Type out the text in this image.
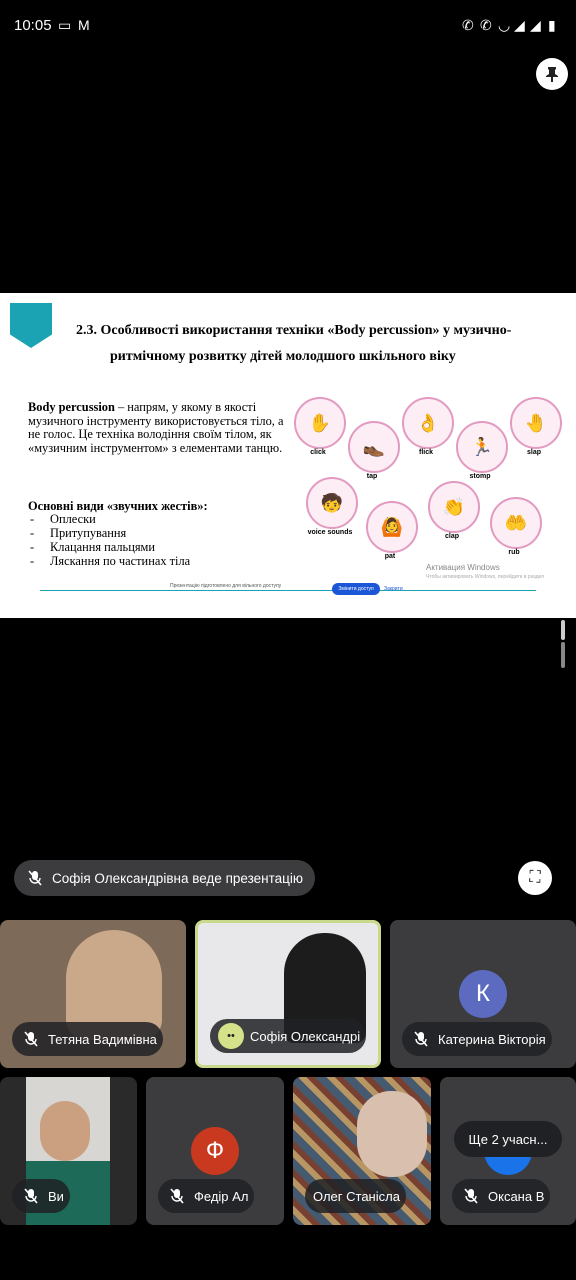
10:05 ▭ M	✆ ✆ ◡ ◢ ◢ ▮
2.3. Особливості використання техніки «Body percussion» у музично-
ритмічному розвитку дітей молодшого шкільного віку
Body percussion – напрям, у якому в якості музичного інструменту використовується тіло, а не голос. Це техніка володіння своїм тілом, як «музичним інструментом» з елементами танцю.
Основні види «звучних жестів»:
- Оплески
- Притупування
- Клацання пальцями
- Ляскання по частинах тіла
✋
click	👞
tap
👌
flick	🏃
stomp
🤚
slap
🧒
voice sounds	🙆
pat
👏
clap
🤲
rub
Активация Windows
Чтобы активировать Windows, перейдите в раздел
Презентацію підготовлено для вільного доступу	Змінити доступ	Закрити
Софія Олександрівна веде презентацію	⛶
Тетяна Вадимівна	••	Софія Олександрі
К
Катерина Вікторія
Ви
Ф
Федір Ал	Олег Станісла	Оксана В
Ще 2 учасн...
